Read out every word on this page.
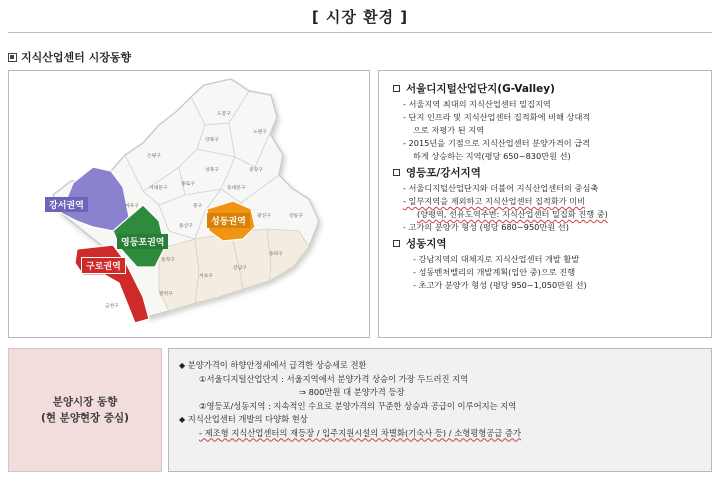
[ 시장 환경 ]
지식산업센터 시장동향
도봉구
노원구
강북구
은평구
성북구	중랑구
서대문구
종로구
동대문구
마포구	중구
광진구
용산구
강동구
송파구
강남구
서초구
동작구
관악구
금천구
강서권역
영등포권역
구로권역
성동권역
서울디지털산업단지(G-Valley)
- 서울지역 최대의 지식산업센터 밀집지역
- 단지 인프라 및 지식산업센터 집적화에 비해 상대적
으로 저평가 된 지역
- 2015년을 기점으로 지식산업센터 분양가격이 급격
하게 상승하는 지역(평당 650~830만원 선)
영등포/강서지역
- 서울디지털산업단지와 더불어 지식산업센터의 중심축
- 일부지역을 제외하고 지식산업센터 집적화가 미비
(양평역, 선유도역주변: 지식산업센터 밀집화 진행 중)
- 고가의 분양가 형성 (평당 680~950만원 선)
성동지역
- 강남지역의 대체지로 지식산업센터 개발 활발
- 성동벤처밸리의 개발계획(입안 중)으로 진행
- 초고가 분양가 형성 (평당 950~1,050만원 선)
분양시장 동향
(현 분양현장 중심)
◆ 분양가격이 하향안정세에서 급격한 상승세로 전환
①서울디지털산업단지 : 서울지역에서 분양가격 상승이 가장 두드러진 지역
⇒ 800만원 대 분양가격 등장
②영등포/성동지역 : 지속적인 수요로 분양가격의 꾸준한 상승과 공급이 이루어지는 지역
◆ 지식산업센터 개발의 다양화 현상
- 제조형 지식산업센터의 재등장 / 입주지원시설의 차별화(기숙사 등) / 소형평형공급 증가
